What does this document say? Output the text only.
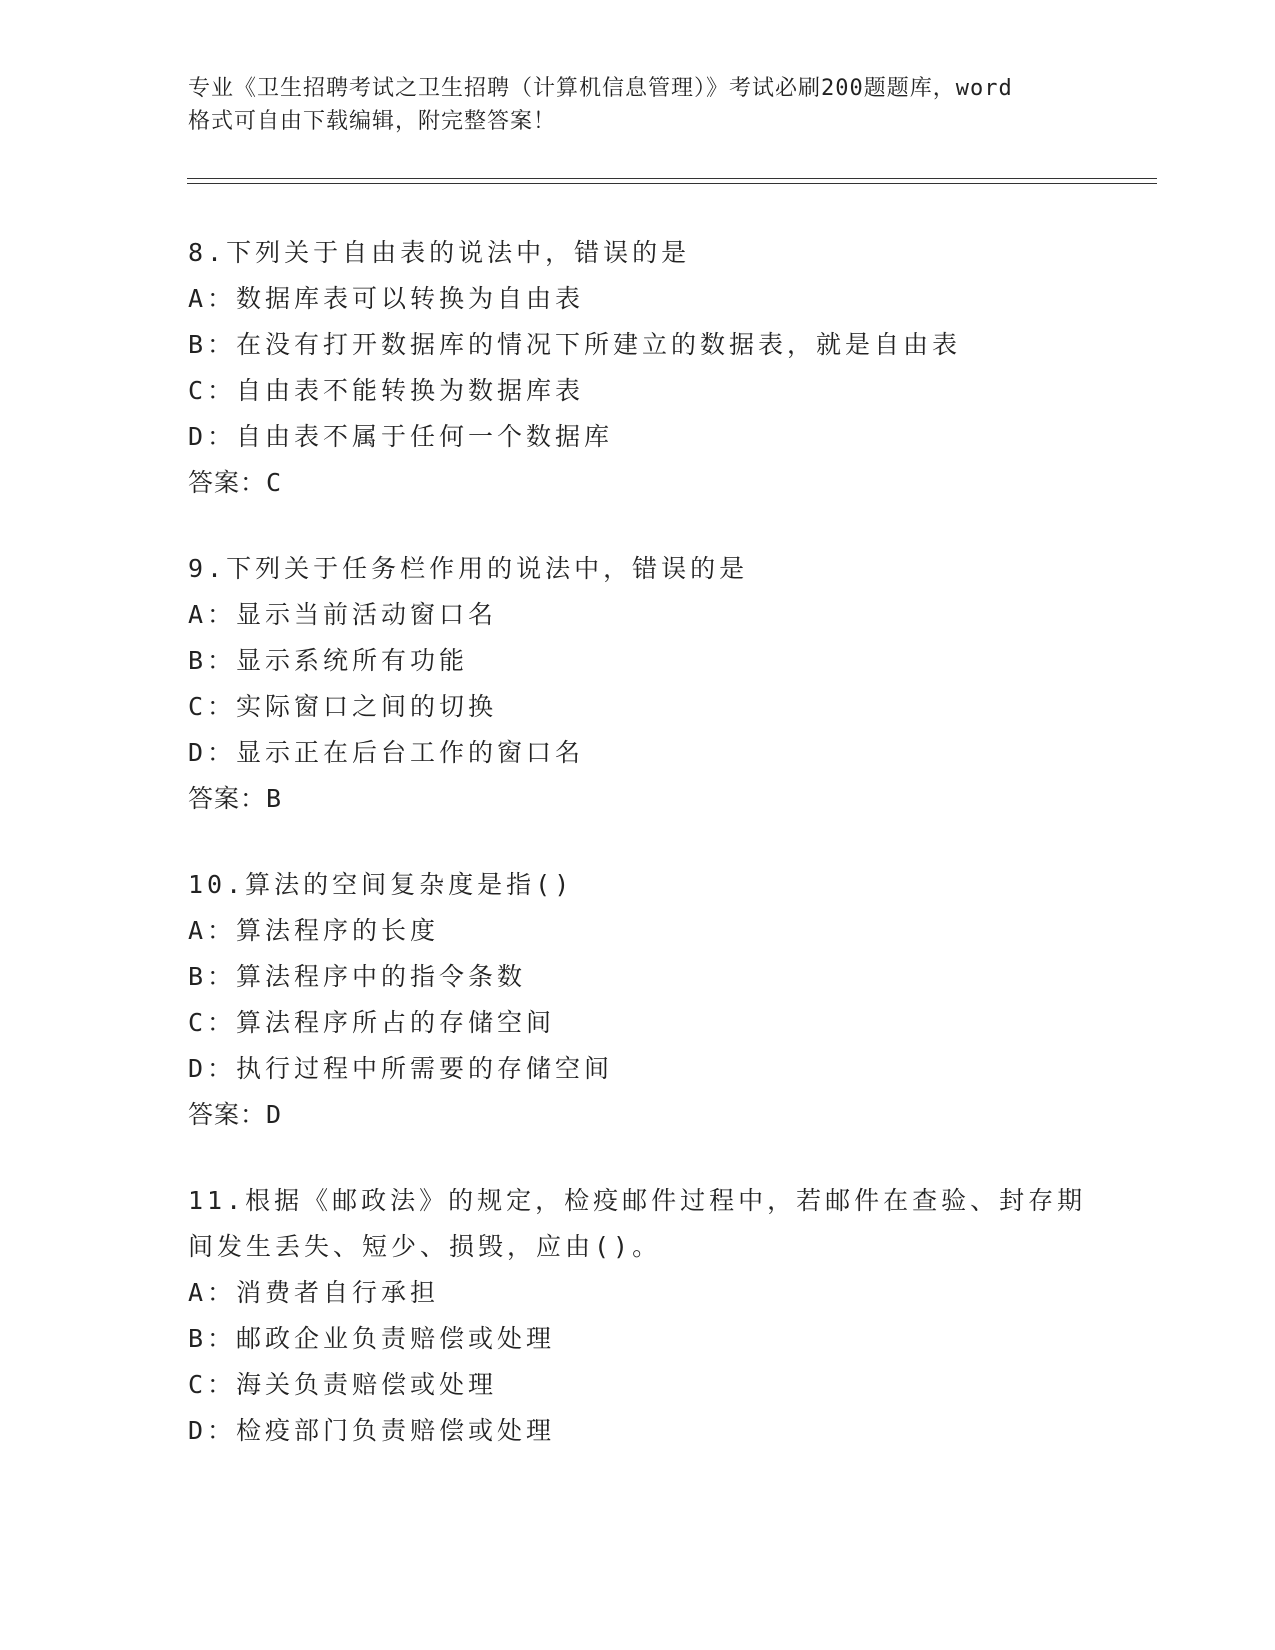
专业《卫生招聘考试之卫生招聘（计算机信息管理）》考试必刷200题题库，word
格式可自由下载编辑，附完整答案！
8.下列关于自由表的说法中，错误的是
A：数据库表可以转换为自由表
B：在没有打开数据库的情况下所建立的数据表，就是自由表
C：自由表不能转换为数据库表
D：自由表不属于任何一个数据库
答案：C
9.下列关于任务栏作用的说法中，错误的是
A：显示当前活动窗口名
B：显示系统所有功能
C：实际窗口之间的切换
D：显示正在后台工作的窗口名
答案：B
10.算法的空间复杂度是指()
A：算法程序的长度
B：算法程序中的指令条数
C：算法程序所占的存储空间
D：执行过程中所需要的存储空间
答案：D
11.根据《邮政法》的规定，检疫邮件过程中，若邮件在查验、封存期
间发生丢失、短少、损毁，应由()。
A：消费者自行承担
B：邮政企业负责赔偿或处理
C：海关负责赔偿或处理
D：检疫部门负责赔偿或处理
